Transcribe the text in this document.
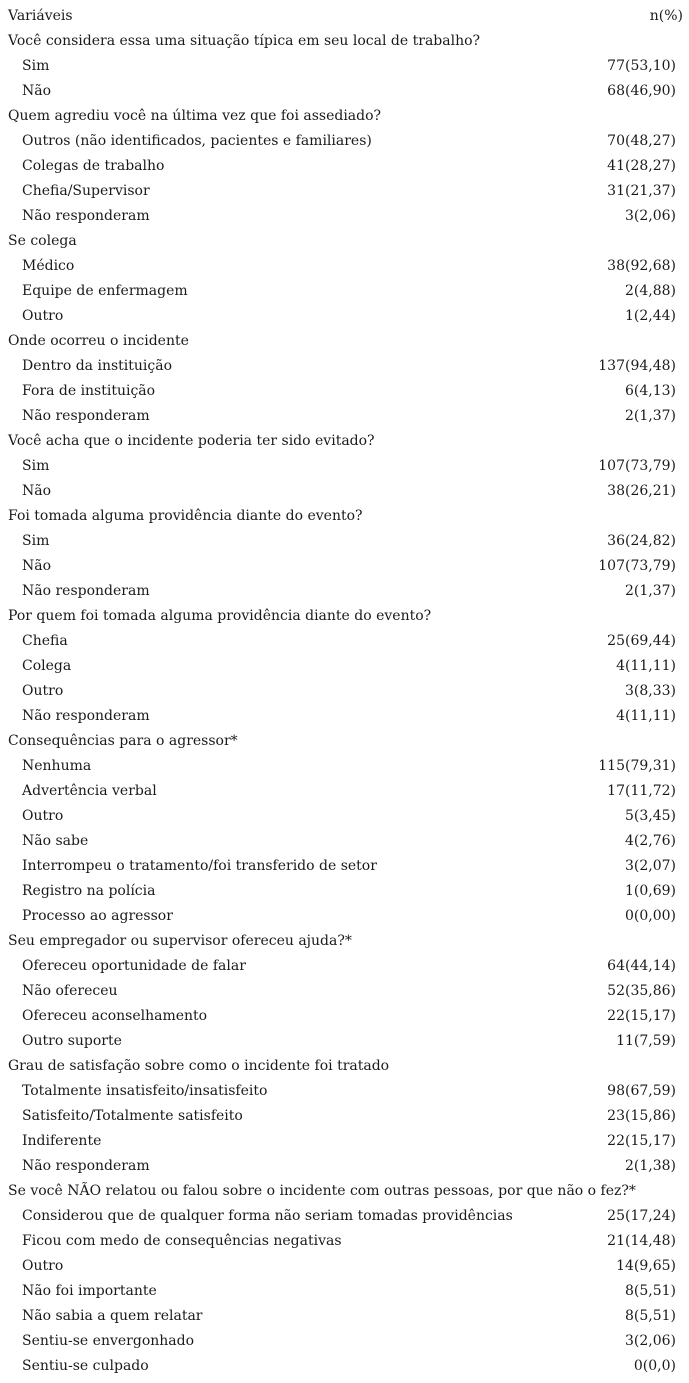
Variáveis	n(%)
Você considera essa uma situação típica em seu local de trabalho?
Sim	77(53,10)
Não	68(46,90)
Quem agrediu você na última vez que foi assediado?
Outros (não identificados, pacientes e familiares)	70(48,27)
Colegas de trabalho	41(28,27)
Chefia/Supervisor	31(21,37)
Não responderam	3(2,06)
Se colega
Médico	38(92,68)
Equipe de enfermagem	2(4,88)
Outro	1(2,44)
Onde ocorreu o incidente
Dentro da instituição	137(94,48)
Fora de instituição	6(4,13)
Não responderam	2(1,37)
Você acha que o incidente poderia ter sido evitado?
Sim	107(73,79)
Não	38(26,21)
Foi tomada alguma providência diante do evento?
Sim	36(24,82)
Não	107(73,79)
Não responderam	2(1,37)
Por quem foi tomada alguma providência diante do evento?
Chefia	25(69,44)
Colega	4(11,11)
Outro	3(8,33)
Não responderam	4(11,11)
Consequências para o agressor*
Nenhuma	115(79,31)
Advertência verbal	17(11,72)
Outro	5(3,45)
Não sabe	4(2,76)
Interrompeu o tratamento/foi transferido de setor	3(2,07)
Registro na polícia	1(0,69)
Processo ao agressor	0(0,00)
Seu empregador ou supervisor ofereceu ajuda?*
Ofereceu oportunidade de falar	64(44,14)
Não ofereceu	52(35,86)
Ofereceu aconselhamento	22(15,17)
Outro suporte	11(7,59)
Grau de satisfação sobre como o incidente foi tratado
Totalmente insatisfeito/insatisfeito	98(67,59)
Satisfeito/Totalmente satisfeito	23(15,86)
Indiferente	22(15,17)
Não responderam	2(1,38)
Se você NÃO relatou ou falou sobre o incidente com outras pessoas, por que não o fez?*
Considerou que de qualquer forma não seriam tomadas providências	25(17,24)
Ficou com medo de consequências negativas	21(14,48)
Outro	14(9,65)
Não foi importante	8(5,51)
Não sabia a quem relatar	8(5,51)
Sentiu-se envergonhado	3(2,06)
Sentiu-se culpado	0(0,0)
